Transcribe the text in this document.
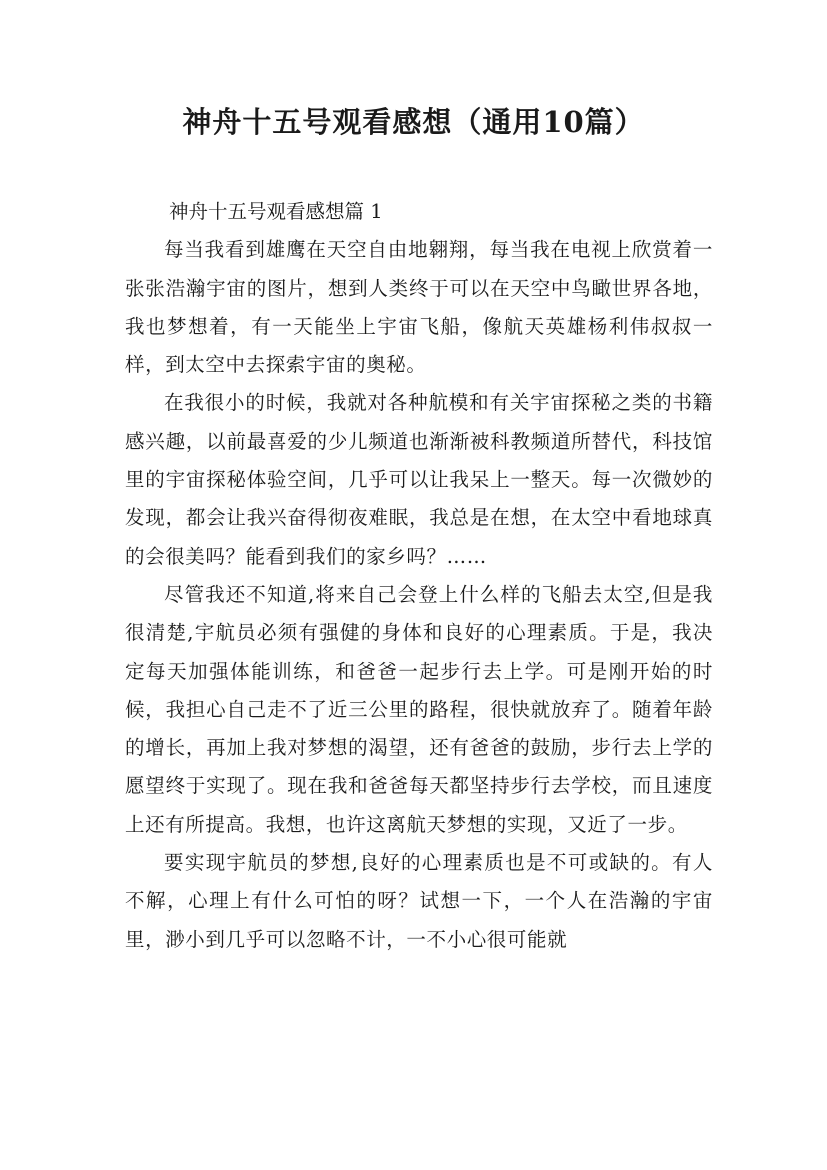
神舟十五号观看感想（通用10篇）
神舟十五号观看感想篇 1

每当我看到雄鹰在天空自由地翱翔，每当我在电视上欣赏着一张张浩瀚宇宙的图片，想到人类终于可以在天空中鸟瞰世界各地，我也梦想着，有一天能坐上宇宙飞船，像航天英雄杨利伟叔叔一样，到太空中去探索宇宙的奥秘。

在我很小的时候，我就对各种航模和有关宇宙探秘之类的书籍感兴趣，以前最喜爱的少儿频道也渐渐被科教频道所替代，科技馆里的宇宙探秘体验空间，几乎可以让我呆上一整天。每一次微妙的发现，都会让我兴奋得彻夜难眠，我总是在想，在太空中看地球真的会很美吗？能看到我们的家乡吗？……

尽管我还不知道,将来自己会登上什么样的飞船去太空,但是我很清楚,宇航员必须有强健的身体和良好的心理素质。于是，我决定每天加强体能训练，和爸爸一起步行去上学。可是刚开始的时候，我担心自己走不了近三公里的路程，很快就放弃了。随着年龄的增长，再加上我对梦想的渴望，还有爸爸的鼓励，步行去上学的愿望终于实现了。现在我和爸爸每天都坚持步行去学校，而且速度上还有所提高。我想，也许这离航天梦想的实现，又近了一步。

要实现宇航员的梦想,良好的心理素质也是不可或缺的。有人不解，心理上有什么可怕的呀？试想一下，一个人在浩瀚的宇宙里，渺小到几乎可以忽略不计，一不小心很可能就
